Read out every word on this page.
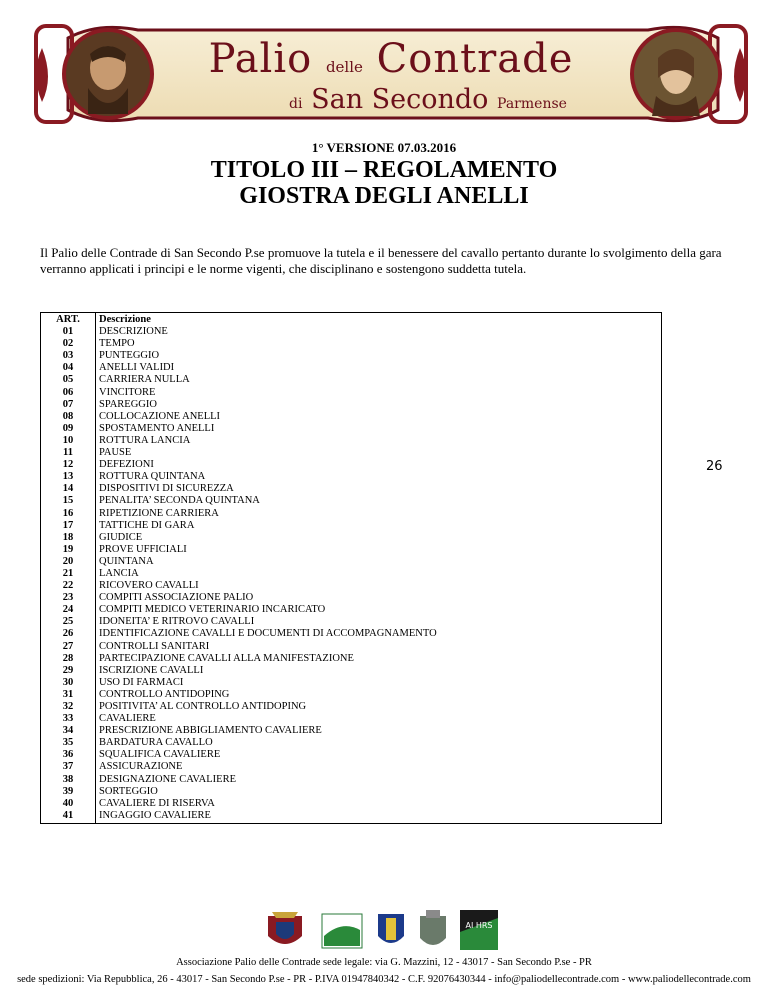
Palio delle Contrade
di San Secondo Parmense
1° VERSIONE 07.03.2016
TITOLO III – REGOLAMENTO
GIOSTRA DEGLI ANELLI

Il Palio delle Contrade di San Secondo P.se promuove la tutela e il benessere del cavallo pertanto durante lo svolgimento della gara verranno applicati i principi e le norme vigenti, che disciplinano e sostengono suddetta tutela.

ART.	Descrizione
01	DESCRIZIONE
02	TEMPO
03	PUNTEGGIO
04	ANELLI VALIDI
05	CARRIERA NULLA
06	VINCITORE
07	SPAREGGIO
08	COLLOCAZIONE ANELLI
09	SPOSTAMENTO ANELLI
10	ROTTURA LANCIA
11	PAUSE
12	DEFEZIONI
13	ROTTURA QUINTANA
14	DISPOSITIVI DI SICUREZZA
15	PENALITA’ SECONDA QUINTANA
16	RIPETIZIONE CARRIERA
17	TATTICHE DI GARA
18	GIUDICE
19	PROVE UFFICIALI
20	QUINTANA
21	LANCIA
22	RICOVERO CAVALLI
23	COMPITI ASSOCIAZIONE PALIO
24	COMPITI MEDICO VETERINARIO INCARICATO
25	IDONEITA’ E RITROVO CAVALLI
26	IDENTIFICAZIONE CAVALLI E DOCUMENTI DI ACCOMPAGNAMENTO
27	CONTROLLI SANITARI
28	PARTECIPAZIONE CAVALLI ALLA MANIFESTAZIONE
29	ISCRIZIONE CAVALLI
30	USO DI FARMACI
31	CONTROLLO ANTIDOPING
32	POSITIVITA’ AL CONTROLLO ANTIDOPING
33	CAVALIERE
34	PRESCRIZIONE ABBIGLIAMENTO CAVALIERE
35	BARDATURA CAVALLO
36	SQUALIFICA CAVALIERE
37	ASSICURAZIONE
38	DESIGNAZIONE CAVALIERE
39	SORTEGGIO
40	CAVALIERE DI RISERVA
41	INGAGGIO CAVALIERE
26
AI HRS
Associazione Palio delle Contrade sede legale: via G. Mazzini, 12 - 43017 - San Secondo P.se - PR
sede spedizioni: Via Repubblica, 26 - 43017 - San Secondo P.se - PR - P.IVA 01947840342 - C.F. 92076430344 - info@paliodellecontrade.com - www.paliodellecontrade.com
